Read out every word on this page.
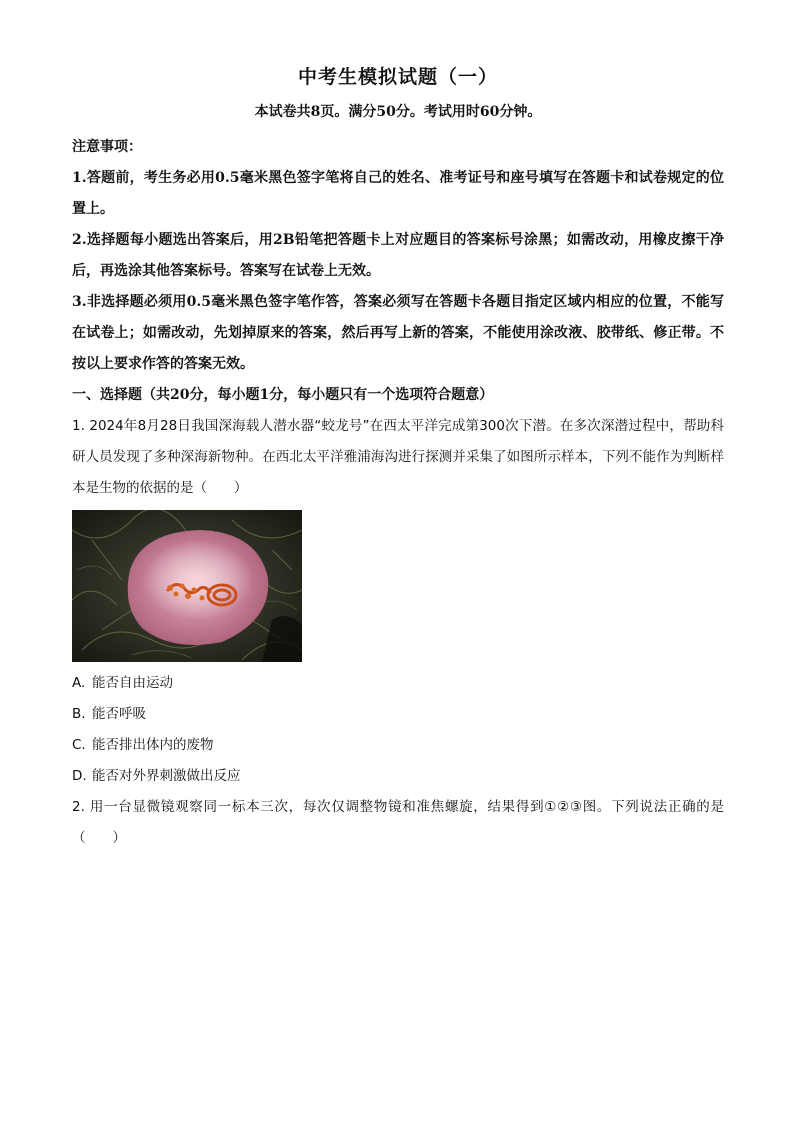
中考生模拟试题（一）

本试卷共8页。满分50分。考试用时60分钟。

注意事项：

1.答题前，考生务必用0.5毫米黑色签字笔将自己的姓名、准考证号和座号填写在答题卡和试卷规定的位置上。

2.选择题每小题选出答案后，用2B铅笔把答题卡上对应题目的答案标号涂黑；如需改动，用橡皮擦干净后，再选涂其他答案标号。答案写在试卷上无效。

3.非选择题必须用0.5毫米黑色签字笔作答，答案必须写在答题卡各题目指定区域内相应的位置，不能写在试卷上；如需改动，先划掉原来的答案，然后再写上新的答案，不能使用涂改液、胶带纸、修正带。不按以上要求作答的答案无效。

一、选择题（共20分，每小题1分，每小题只有一个选项符合题意）

1. 2024年8月28日我国深海载人潜水器“蛟龙号”在西太平洋完成第300次下潜。在多次深潜过程中，帮助科研人员发现了多种深海新物种。在西北太平洋雅浦海沟进行探测并采集了如图所示样本，下列不能作为判断样本是生物的依据的是（　　）

A. 能否自由运动

B. 能否呼吸

C. 能否排出体内的废物

D. 能否对外界刺激做出反应

2. 用一台显微镜观察同一标本三次，每次仅调整物镜和准焦螺旋，结果得到①②③图。下列说法正确的是（　　）
